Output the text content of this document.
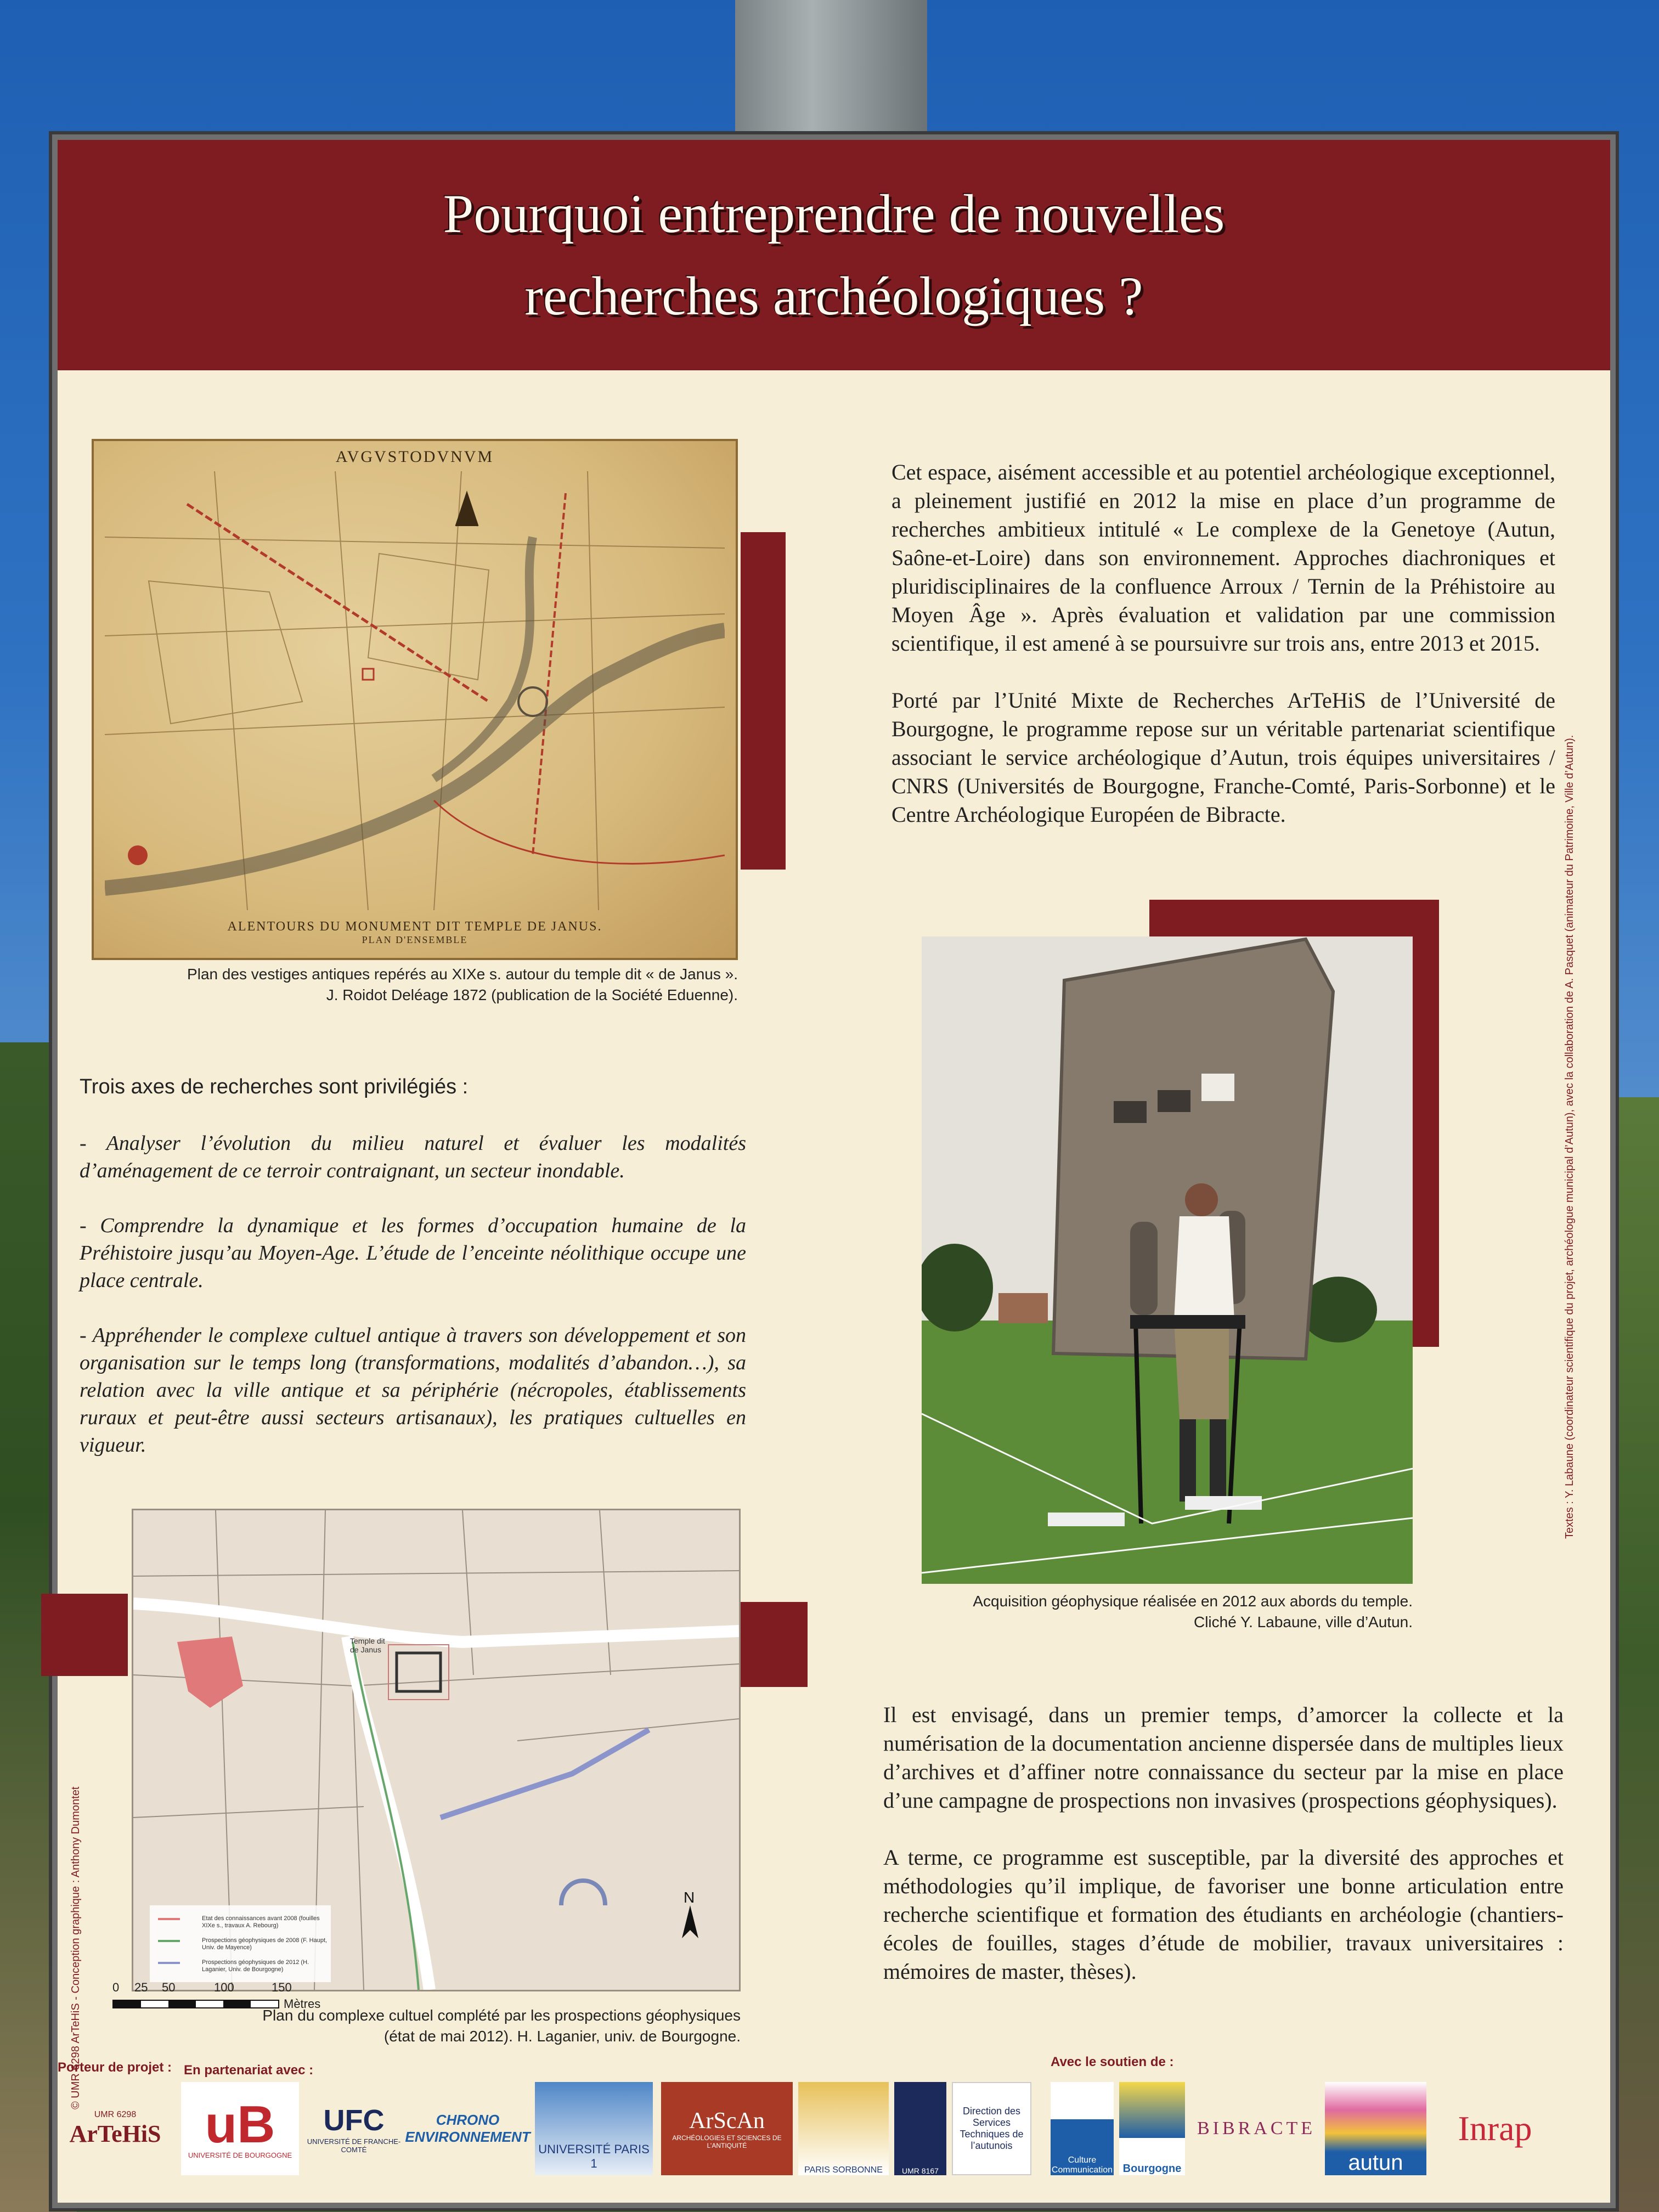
Pourquoi entreprendre de nouvelles
recherches archéologiques ?
AVGVSTODVNVM
ALENTOURS DU MONUMENT DIT TEMPLE DE JANUS.
PLAN D'ENSEMBLE

Plan des vestiges antiques repérés au XIXe s. autour du temple dit « de Janus ».

J. Roidot Deléage 1872 (publication de la Société Eduenne).

Cet espace, aisément accessible et au potentiel archéologique exceptionnel, a pleinement justifié en 2012 la mise en place d’un programme de recherches ambitieux intitulé « Le complexe de la Genetoye (Autun, Saône-et-Loire) dans son environnement. Approches diachroniques et pluridisciplinaires de la confluence Arroux / Ternin de la Préhistoire au Moyen Âge ». Après évaluation et validation par une commission scientifique, il est amené à se poursuivre sur trois ans, entre 2013 et 2015.

Porté par l’Unité Mixte de Recherches ArTeHiS de l’Université de Bourgogne, le programme repose sur un véritable partenariat scientifique associant le service archéologique d’Autun, trois équipes universitaires / CNRS (Universités de Bourgogne, Franche-Comté, Paris-Sorbonne) et le Centre Archéologique Européen de Bibracte.

Trois axes de recherches sont privilégiés :

- Analyser l’évolution du milieu naturel et évaluer les modalités d’aménagement de ce terroir contraignant, un secteur inondable.

- Comprendre la dynamique et les formes d’occupation humaine de la Préhistoire jusqu’au Moyen-Age. L’étude de l’enceinte néolithique occupe une place centrale.

- Appréhender le complexe cultuel antique à travers son développement et son organisation sur le temps long (transformations, modalités d’abandon…), sa relation avec la ville antique et sa périphérie (nécropoles, établissements ruraux et peut-être aussi secteurs artisanaux), les pratiques cultuelles en vigueur.

Acquisition géophysique réalisée en 2012 aux abords du temple.

Cliché Y. Labaune, ville d’Autun.

Il est envisagé, dans un premier temps, d’amorcer la collecte et la numérisation de la documentation ancienne dispersée dans de multiples lieux d’archives et d’affiner notre connaissance du secteur par la mise en place d’une campagne de prospections non invasives (prospections géophysiques).

A terme, ce programme est susceptible, par la diversité des approches et méthodologies qu’il implique, de favoriser une bonne articulation entre recherche scientifique et formation des étudiants en archéologie (chantiers-écoles de fouilles, stages d’étude de mobilier, travaux universitaires : mémoires de master, thèses).

Temple dit de Janus
Etat des connaissances avant 2008 (fouilles XIXe s., travaux A. Rebourg)
Prospections géophysiques de 2008 (F. Haupt, Univ. de Mayence)
Prospections géophysiques de 2012 (H. Laganier, Univ. de Bourgogne)
N
0 25 50	100	150
Mètres

Plan du complexe cultuel complété par les prospections géophysiques

(état de mai 2012). H. Laganier, univ. de Bourgogne.

© UMR 6298 ArTeHiS - Conception graphique : Anthony Dumontet
Textes : Y. Labaune (coordinateur scientifique du projet, archéologue municipal d’Autun), avec la collaboration de A. Pasquet (animateur du Patrimoine, Ville d’Autun).
Porteur de projet : En partenariat avec :
Avec le soutien de :
UMR 6298
ArTeHiS uB
UNIVERSITÉ DE BOURGOGNE
UFC
UNIVERSITÉ DE FRANCHE-COMTÉ
CHRONO ENVIRONNEMENT
UNIVERSITÉ PARIS 1
ArScAn
ARCHÉOLOGIES ET SCIENCES DE L’ANTIQUITÉ
PARIS SORBONNE	UMR 8167
Direction des Services Techniques de l’autunois
Culture Communication Bourgogne
BIBRACTE
autun
Inrap
